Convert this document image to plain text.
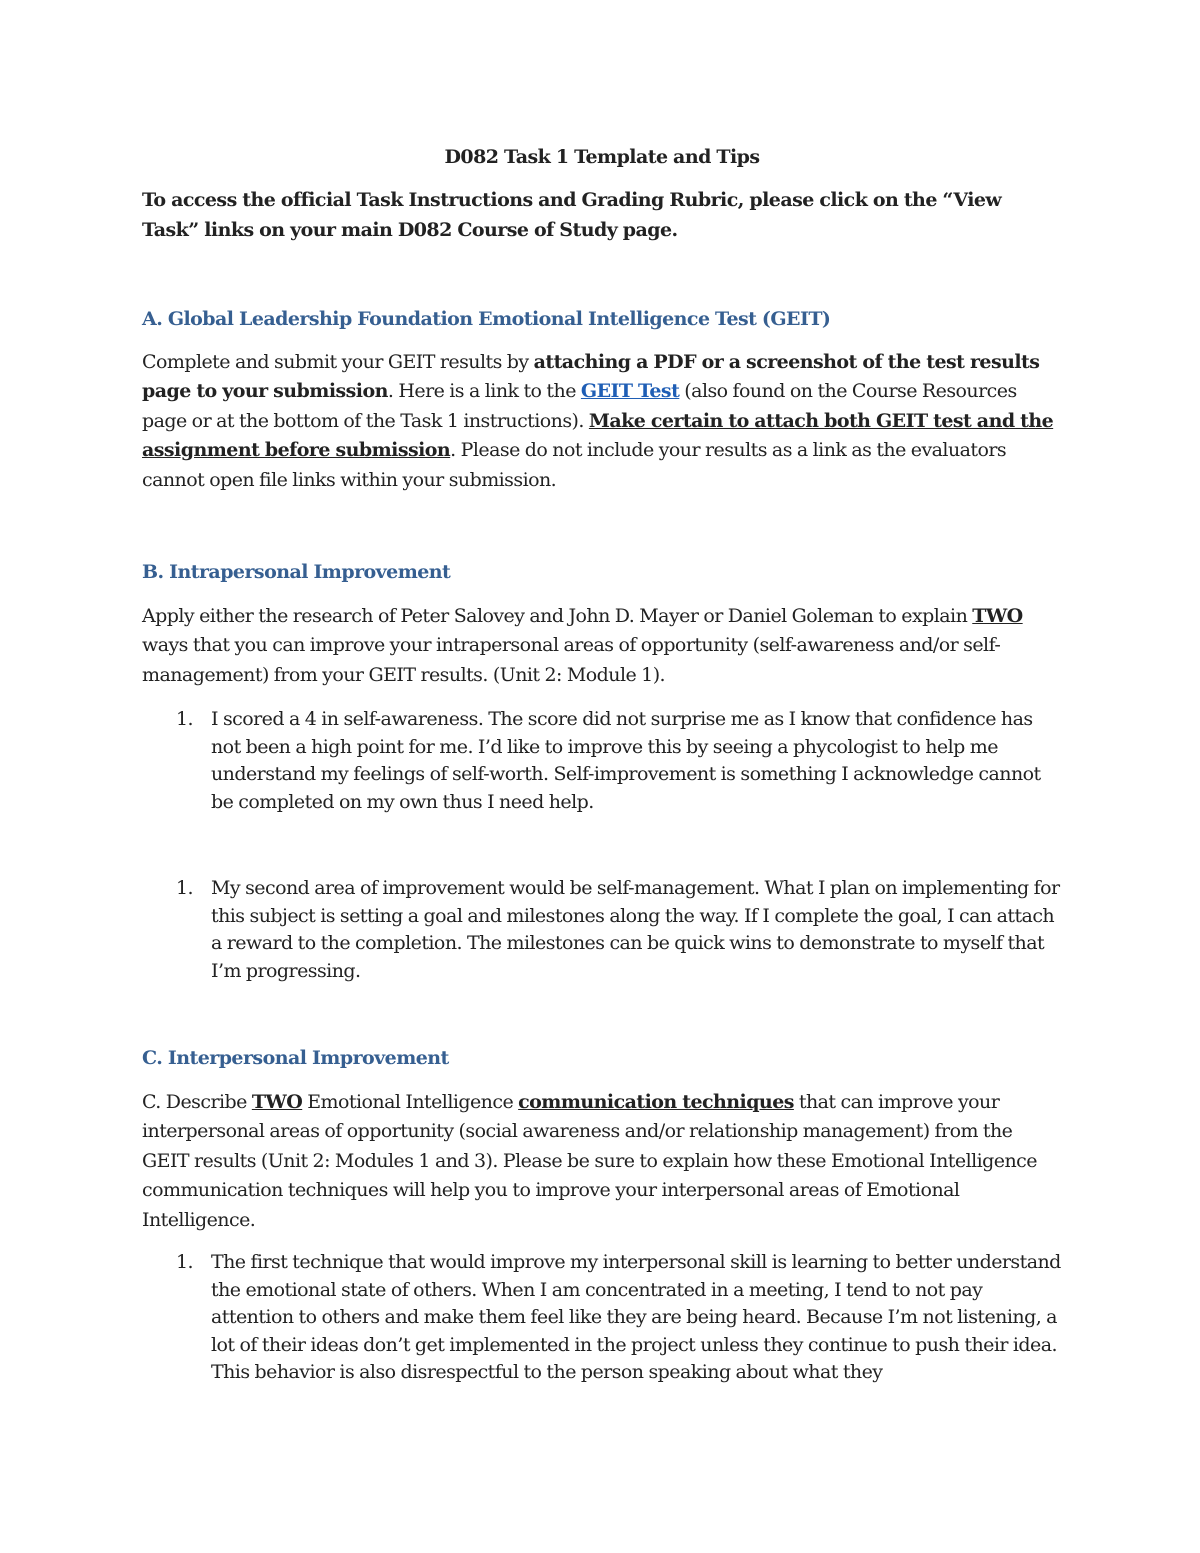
D082 Task 1 Template and Tips

To access the official Task Instructions and Grading Rubric, please click on the “View Task” links on your main D082 Course of Study page.

A. Global Leadership Foundation Emotional Intelligence Test (GEIT)

Complete and submit your GEIT results by attaching a PDF or a screenshot of the test results page to your submission. Here is a link to the GEIT Test (also found on the Course Resources page or at the bottom of the Task 1 instructions). Make certain to attach both GEIT test and the assignment before submission. Please do not include your results as a link as the evaluators cannot open file links within your submission.

B. Intrapersonal Improvement

Apply either the research of Peter Salovey and John D. Mayer or Daniel Goleman to explain TWO ways that you can improve your intrapersonal areas of opportunity (self-awareness and/or self-management) from your GEIT results. (Unit 2: Module 1).

1. I scored a 4 in self-awareness. The score did not surprise me as I know that confidence has not been a high point for me. I’d like to improve this by seeing a phycologist to help me understand my feelings of self-worth. Self-improvement is something I acknowledge cannot be completed on my own thus I need help.
1. My second area of improvement would be self-management. What I plan on implementing for this subject is setting a goal and milestones along the way. If I complete the goal, I can attach a reward to the completion. The milestones can be quick wins to demonstrate to myself that I’m progressing.

C. Interpersonal Improvement

C. Describe TWO Emotional Intelligence communication techniques that can improve your interpersonal areas of opportunity (social awareness and/or relationship management) from the GEIT results (Unit 2: Modules 1 and 3). Please be sure to explain how these Emotional Intelligence communication techniques will help you to improve your interpersonal areas of Emotional Intelligence.

1. The first technique that would improve my interpersonal skill is learning to better understand the emotional state of others. When I am concentrated in a meeting, I tend to not pay attention to others and make them feel like they are being heard. Because I’m not listening, a lot of their ideas don’t get implemented in the project unless they continue to push their idea. This behavior is also disrespectful to the person speaking about what they
